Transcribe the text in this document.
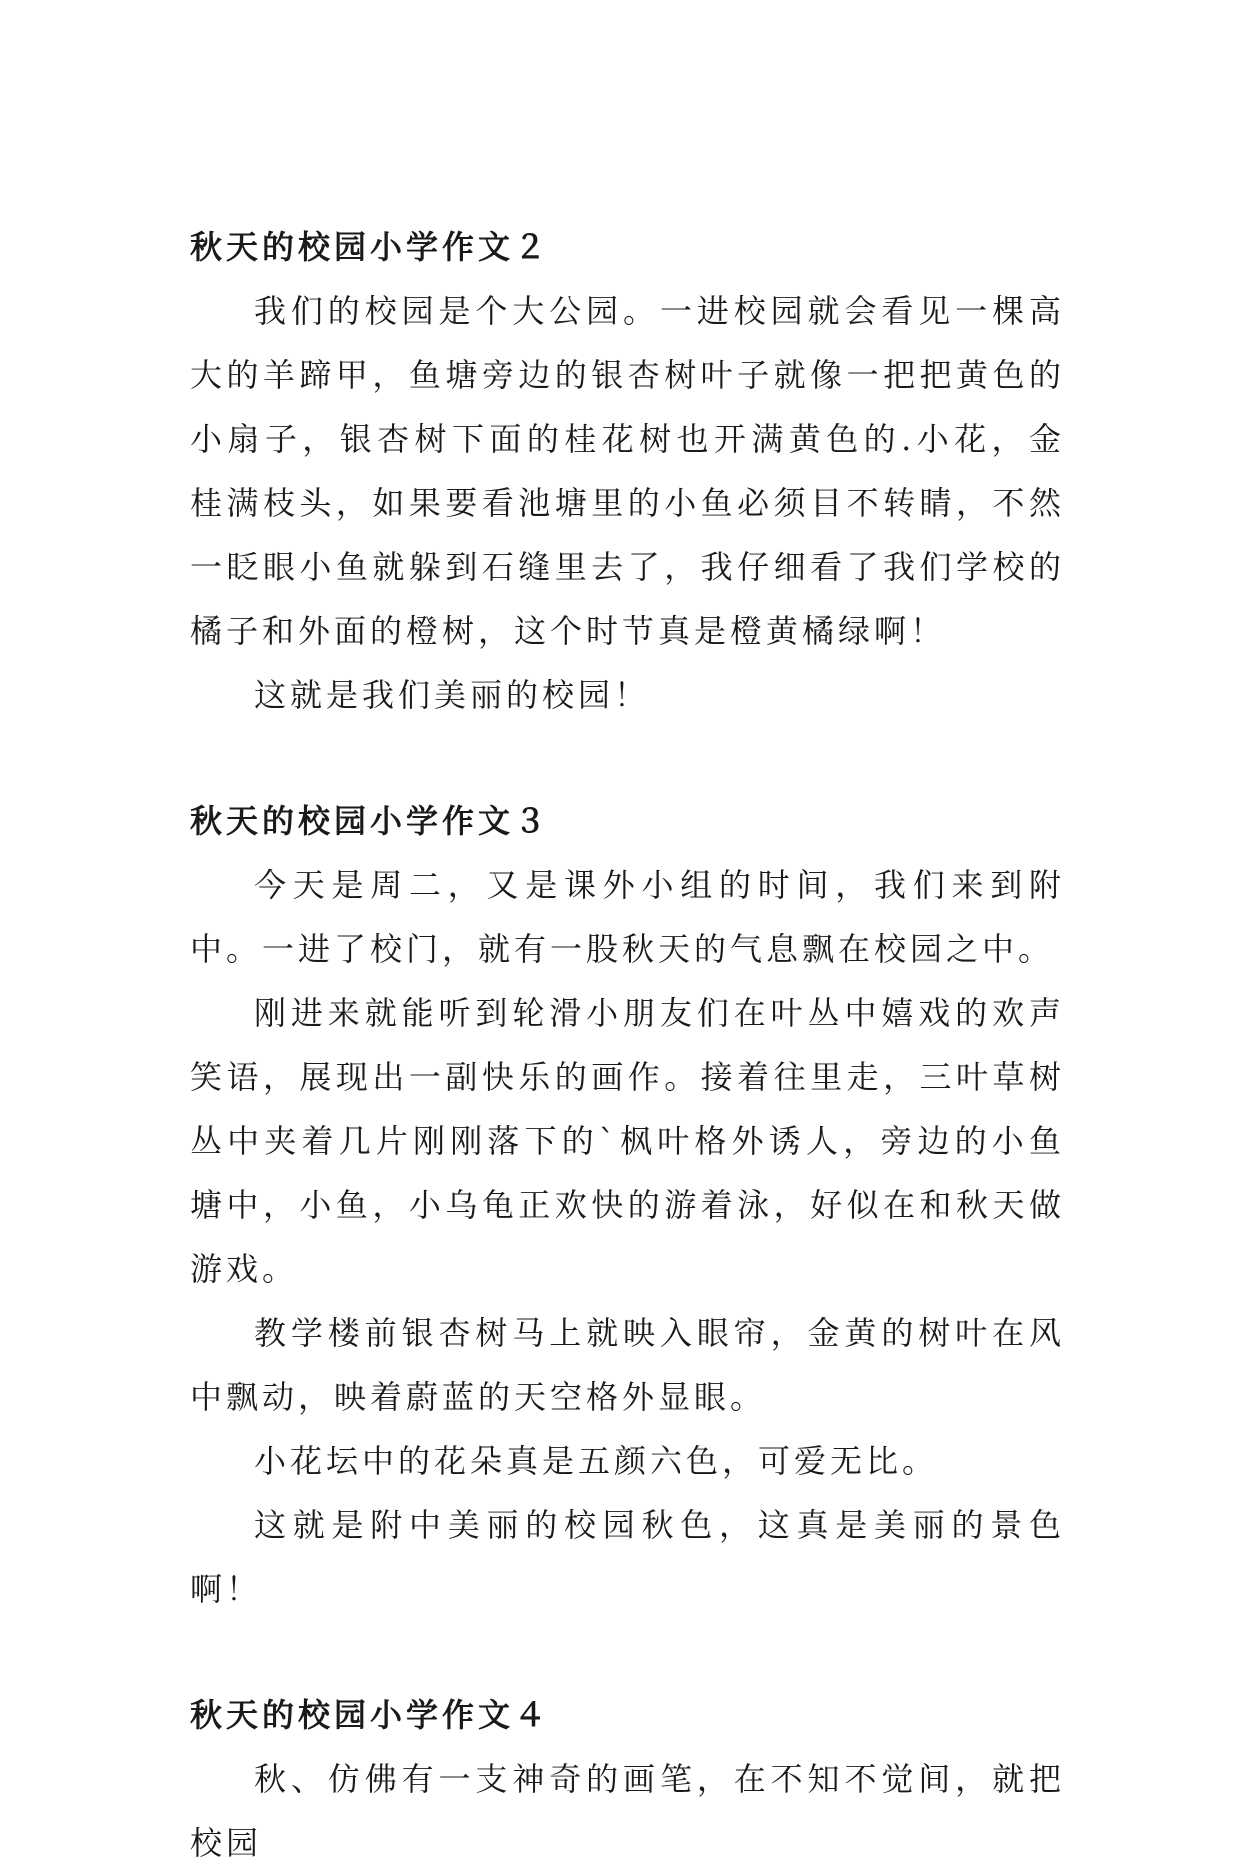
秋天的校园小学作文２

我们的校园是个大公园。一进校园就会看见一棵高大的羊蹄甲，鱼塘旁边的银杏树叶子就像一把把黄色的小扇子，银杏树下面的桂花树也开满黄色的.小花，金桂满枝头，如果要看池塘里的小鱼必须目不转睛，不然一眨眼小鱼就躲到石缝里去了，我仔细看了我们学校的橘子和外面的橙树，这个时节真是橙黄橘绿啊！

这就是我们美丽的校园！

秋天的校园小学作文３

今天是周二，又是课外小组的时间，我们来到附中。一进了校门，就有一股秋天的气息飘在校园之中。

刚进来就能听到轮滑小朋友们在叶丛中嬉戏的欢声笑语，展现出一副快乐的画作。接着往里走，三叶草树丛中夹着几片刚刚落下的`枫叶格外诱人，旁边的小鱼塘中，小鱼，小乌龟正欢快的游着泳，好似在和秋天做游戏。

教学楼前银杏树马上就映入眼帘，金黄的树叶在风中飘动，映着蔚蓝的天空格外显眼。

小花坛中的花朵真是五颜六色，可爱无比。

这就是附中美丽的校园秋色，这真是美丽的景色啊！

秋天的校园小学作文４

秋、仿佛有一支神奇的画笔，在不知不觉间，就把校园
